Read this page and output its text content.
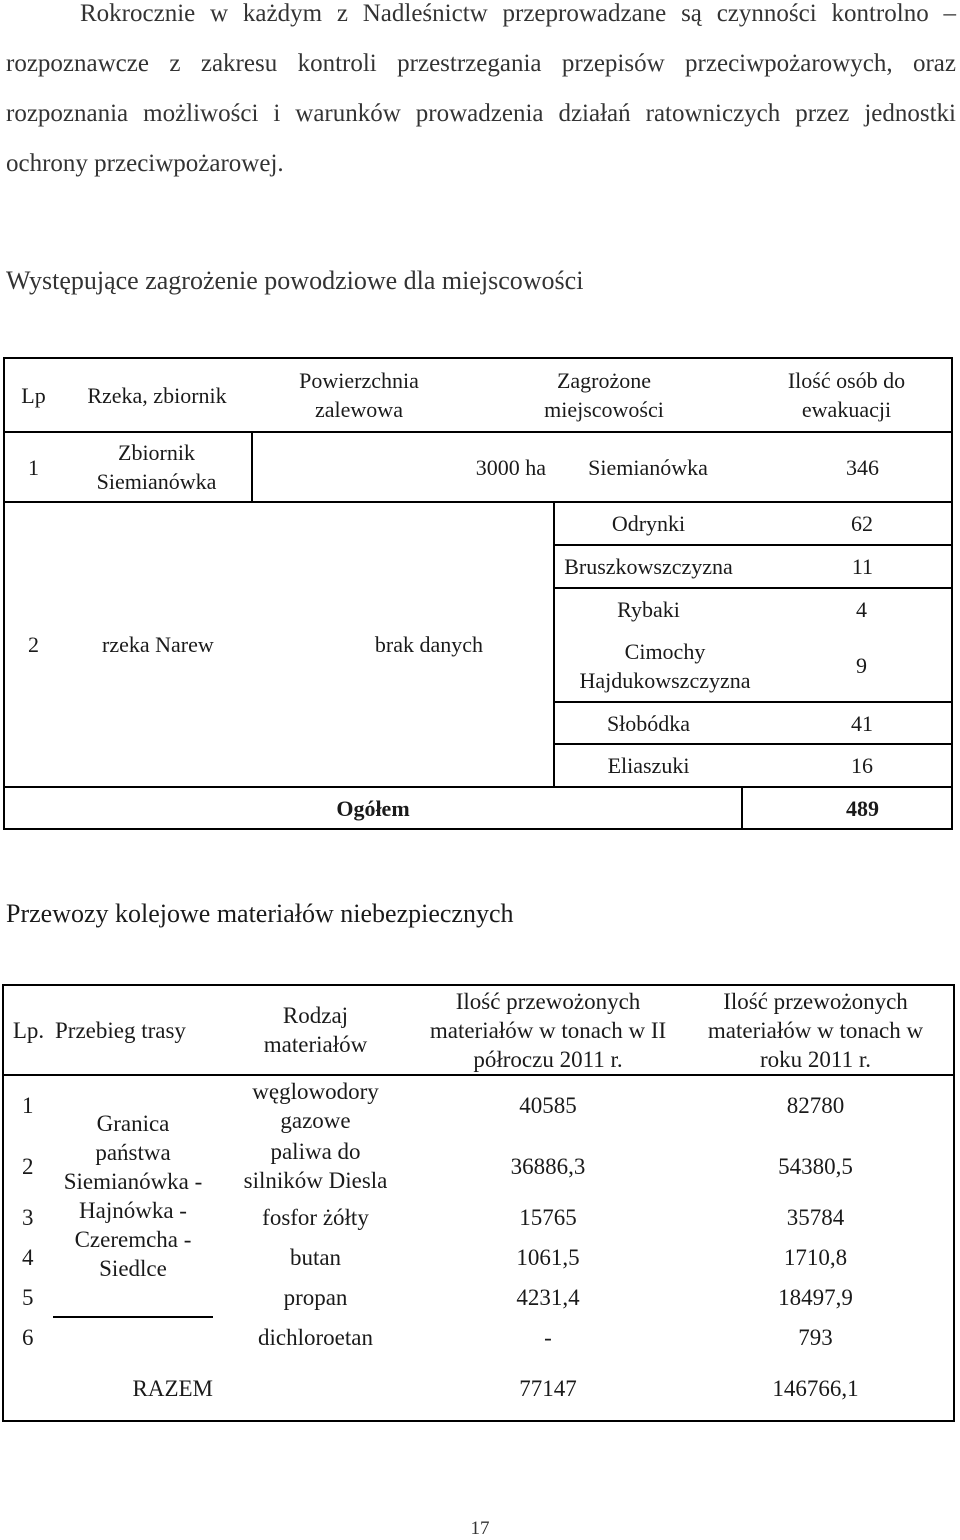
Rokrocznie w każdym z Nadleśnictw przeprowadzane są czynności kontrolno – rozpoznawcze z zakresu kontroli przestrzegania przepisów przeciwpożarowych, oraz rozpoznania możliwości i warunków prowadzenia działań ratowniczych przez jednostki ochrony przeciwpożarowej.

Występujące zagrożenie powodziowe dla miejscowości
Lp	Rzeka, zbiornik	Powierzchnia zalewowa	Zagrożone miejscowości		Ilość osób do ewakuacji
1	Zbiornik Siemianówka	3000 ha		Siemianówka	346
2	rzeka Narew	brak danych		Odrynki	62
				Bruszkowszczyzna	11
				Rybaki	4
				Cimochy Hajdukowszczyzna	9
				Słobódka	41
				Eliaszuki	16
Ogółem					489
Przewozy kolejowe materiałów niebezpiecznych
Lp.	Przebieg trasy	Rodzaj materiałów	Ilość przewożonych materiałów w tonach w II półroczu 2011 r.	Ilość przewożonych materiałów w tonach w roku 2011 r.
1	Granica państwa Siemianówka - Hajnówka - Czeremcha - Siedlce	węglowodory gazowe	40585	82780
2		paliwa do silników Diesla	36886,3	54380,5
3		fosfor żółty	15765	35784
4		butan	1061,5	1710,8
5		propan	4231,4	18497,9
6		dichloroetan	-	793
	RAZEM		77147	146766,1
17
